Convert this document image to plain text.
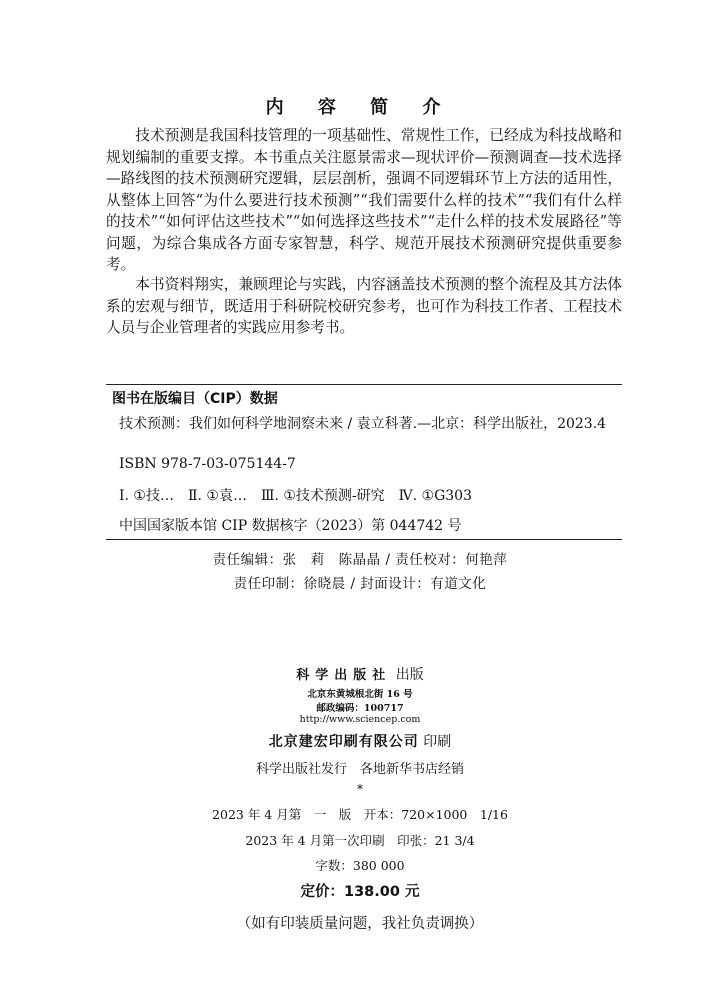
内 容 简 介
技术预测是我国科技管理的一项基础性、常规性工作，已经成为科技战略和规划编制的重要支撑。本书重点关注愿景需求—现状评价—预测调查—技术选择—路线图的技术预测研究逻辑，层层剖析，强调不同逻辑环节上方法的适用性，从整体上回答“为什么要进行技术预测”“我们需要什么样的技术”“我们有什么样的技术”“如何评估这些技术”“如何选择这些技术”“走什么样的技术发展路径”等问题，为综合集成各方面专家智慧，科学、规范开展技术预测研究提供重要参考。
本书资料翔实，兼顾理论与实践，内容涵盖技术预测的整个流程及其方法体系的宏观与细节，既适用于科研院校研究参考，也可作为科技工作者、工程技术人员与企业管理者的实践应用参考书。
图书在版编目（CIP）数据
技术预测：我们如何科学地洞察未来 / 袁立科著.—北京：科学出版社，2023.4
ISBN 978-7-03-075144-7
Ⅰ. ①技…　Ⅱ. ①袁…　Ⅲ. ①技术预测-研究　Ⅳ. ①G303
中国国家版本馆 CIP 数据核字（2023）第 044742 号
责任编辑：张　莉　陈晶晶 / 责任校对：何艳萍
责任印制：徐晓晨 / 封面设计：有道文化
科学出版社 出版
北京东黄城根北街 16 号
邮政编码：100717
http://www.sciencep.com
北京建宏印刷有限公司 印刷
科学出版社发行　各地新华书店经销
*
2023 年 4 月第　一　版　开本：720×1000　1/16
2023 年 4 月第一次印刷　印张：21 3/4
字数：380 000
定价：138.00 元
（如有印装质量问题，我社负责调换）
